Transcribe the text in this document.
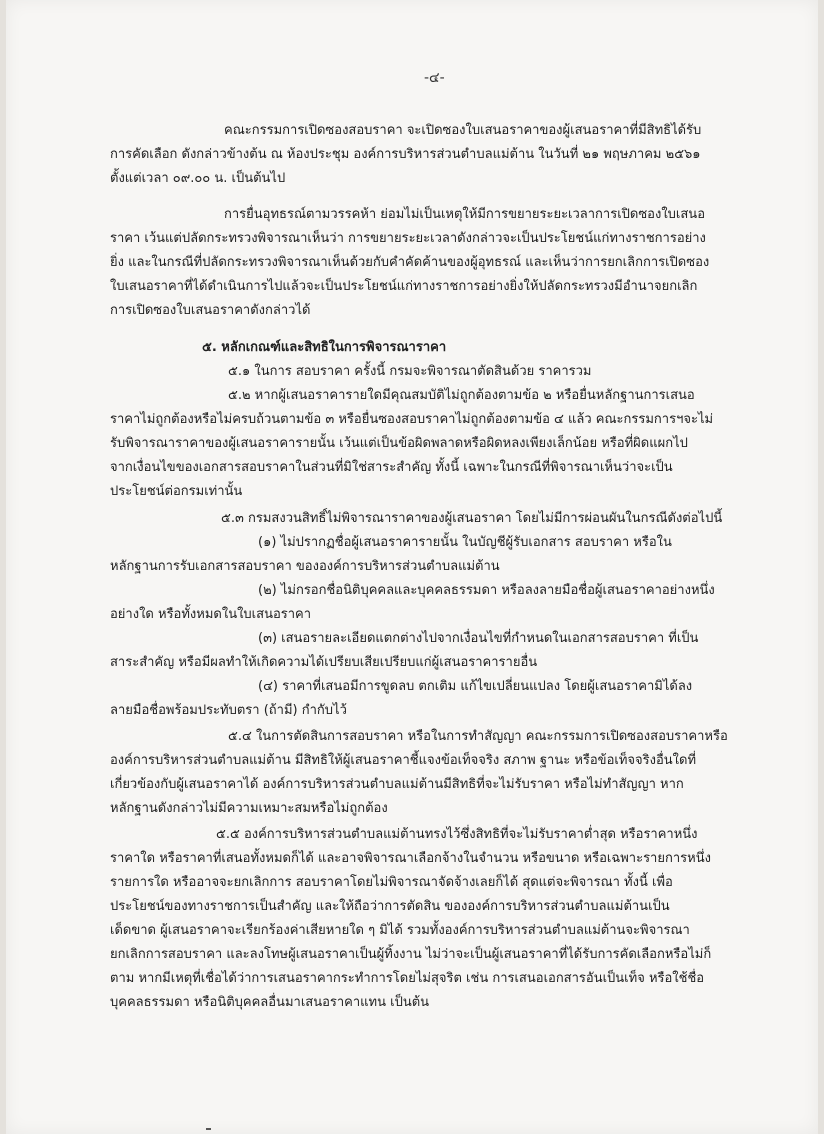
-๔-
คณะกรรมการเปิดซองสอบราคา จะเปิดซองใบเสนอราคาของผู้เสนอราคาที่มีสิทธิได้รับ
การคัดเลือก ดังกล่าวข้างต้น ณ ห้องประชุม องค์การบริหารส่วนตำบลแม่ต้าน ในวันที่ ๒๑ พฤษภาคม ๒๕๖๑
ตั้งแต่เวลา ๐๙.๐๐ น. เป็นต้นไป
การยื่นอุทธรณ์ตามวรรคห้า ย่อมไม่เป็นเหตุให้มีการขยายระยะเวลาการเปิดซองใบเสนอ
ราคา เว้นแต่ปลัดกระทรวงพิจารณาเห็นว่า การขยายระยะเวลาดังกล่าวจะเป็นประโยชน์แก่ทางราชการอย่าง
ยิ่ง และในกรณีที่ปลัดกระทรวงพิจารณาเห็นด้วยกับคำคัดค้านของผู้อุทธรณ์ และเห็นว่าการยกเลิกการเปิดซอง
ใบเสนอราคาที่ได้ดำเนินการไปแล้วจะเป็นประโยชน์แก่ทางราชการอย่างยิ่งให้ปลัดกระทรวงมีอำนาจยกเลิก
การเปิดซองใบเสนอราคาดังกล่าวได้
๕. หลักเกณฑ์และสิทธิในการพิจารณาราคา
๕.๑ ในการ สอบราคา ครั้งนี้ กรมจะพิจารณาตัดสินด้วย ราคารวม
๕.๒ หากผู้เสนอราคารายใดมีคุณสมบัติไม่ถูกต้องตามข้อ ๒ หรือยื่นหลักฐานการเสนอ
ราคาไม่ถูกต้องหรือไม่ครบถ้วนตามข้อ ๓ หรือยื่นซองสอบราคาไม่ถูกต้องตามข้อ ๔ แล้ว คณะกรรมการฯจะไม่
รับพิจารณาราคาของผู้เสนอราคารายนั้น เว้นแต่เป็นข้อผิดพลาดหรือผิดหลงเพียงเล็กน้อย หรือที่ผิดแผกไป
จากเงื่อนไขของเอกสารสอบราคาในส่วนที่มิใช่สาระสำคัญ ทั้งนี้ เฉพาะในกรณีที่พิจารณาเห็นว่าจะเป็น
ประโยชน์ต่อกรมเท่านั้น
๕.๓ กรมสงวนสิทธิ์ไม่พิจารณาราคาของผู้เสนอราคา โดยไม่มีการผ่อนผันในกรณีดังต่อไปนี้
(๑) ไม่ปรากฏชื่อผู้เสนอราคารายนั้น ในบัญชีผู้รับเอกสาร สอบราคา หรือใน
หลักฐานการรับเอกสารสอบราคา ขององค์การบริหารส่วนตำบลแม่ต้าน
(๒) ไม่กรอกชื่อนิติบุคคลและบุคคลธรรมดา หรือลงลายมือชื่อผู้เสนอราคาอย่างหนึ่ง
อย่างใด หรือทั้งหมดในใบเสนอราคา
(๓) เสนอรายละเอียดแตกต่างไปจากเงื่อนไขที่กำหนดในเอกสารสอบราคา ที่เป็น
สาระสำคัญ หรือมีผลทำให้เกิดความได้เปรียบเสียเปรียบแก่ผู้เสนอราคารายอื่น
(๔) ราคาที่เสนอมีการขูดลบ ตกเติม แก้ไขเปลี่ยนแปลง โดยผู้เสนอราคามิได้ลง
ลายมือชื่อพร้อมประทับตรา (ถ้ามี) กำกับไว้
๕.๔ ในการตัดสินการสอบราคา หรือในการทำสัญญา คณะกรรมการเปิดซองสอบราคาหรือ
องค์การบริหารส่วนตำบลแม่ต้าน มีสิทธิให้ผู้เสนอราคาชี้แจงข้อเท็จจริง สภาพ ฐานะ หรือข้อเท็จจริงอื่นใดที่
เกี่ยวข้องกับผู้เสนอราคาได้ องค์การบริหารส่วนตำบลแม่ต้านมีสิทธิที่จะไม่รับราคา หรือไม่ทำสัญญา หาก
หลักฐานดังกล่าวไม่มีความเหมาะสมหรือไม่ถูกต้อง
๕.๕ องค์การบริหารส่วนตำบลแม่ต้านทรงไว้ซึ่งสิทธิที่จะไม่รับราคาต่ำสุด หรือราคาหนึ่ง
ราคาใด หรือราคาที่เสนอทั้งหมดก็ได้ และอาจพิจารณาเลือกจ้างในจำนวน หรือขนาด หรือเฉพาะรายการหนึ่ง
รายการใด หรืออาจจะยกเลิกการ สอบราคาโดยไม่พิจารณาจัดจ้างเลยก็ได้ สุดแต่จะพิจารณา ทั้งนี้ เพื่อ
ประโยชน์ของทางราชการเป็นสำคัญ และให้ถือว่าการตัดสิน ขององค์การบริหารส่วนตำบลแม่ต้านเป็น
เด็ดขาด ผู้เสนอราคาจะเรียกร้องค่าเสียหายใด ๆ มิได้ รวมทั้งองค์การบริหารส่วนตำบลแม่ต้านจะพิจารณา
ยกเลิกการสอบราคา และลงโทษผู้เสนอราคาเป็นผู้ทิ้งงาน ไม่ว่าจะเป็นผู้เสนอราคาที่ได้รับการคัดเลือกหรือไม่ก็
ตาม หากมีเหตุที่เชื่อได้ว่าการเสนอราคากระทำการโดยไม่สุจริต เช่น การเสนอเอกสารอันเป็นเท็จ หรือใช้ชื่อ
บุคคลธรรมดา หรือนิติบุคคลอื่นมาเสนอราคาแทน เป็นต้น
